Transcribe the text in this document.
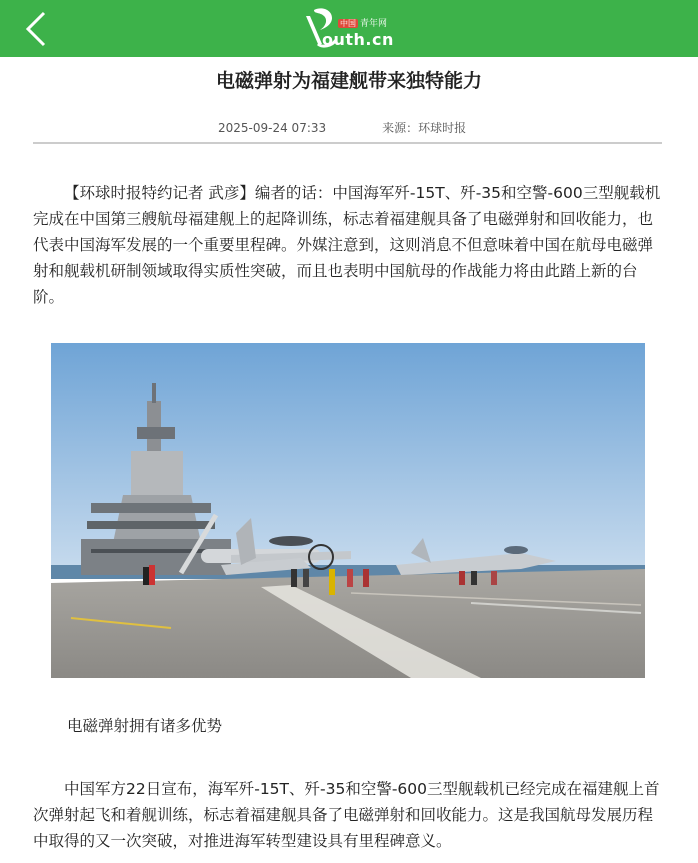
中国 青年网
outh.cn
电磁弹射为福建舰带来独特能力
2025-09-24 07:33	来源：环球时报

【环球时报特约记者 武彦】编者的话：中国海军歼-15T、歼-35和空警-600三型舰载机完成在中国第三艘航母福建舰上的起降训练，标志着福建舰具备了电磁弹射和回收能力，也代表中国海军发展的一个重要里程碑。外媒注意到，这则消息不但意味着中国在航母电磁弹射和舰载机研制领域取得实质性突破，而且也表明中国航母的作战能力将由此踏上新的台阶。

电磁弹射拥有诸多优势

中国军方22日宣布，海军歼-15T、歼-35和空警-600三型舰载机已经完成在福建舰上首次弹射起飞和着舰训练，标志着福建舰具备了电磁弹射和回收能力。这是我国航母发展历程中取得的又一次突破，对推进海军转型建设具有里程碑意义。
